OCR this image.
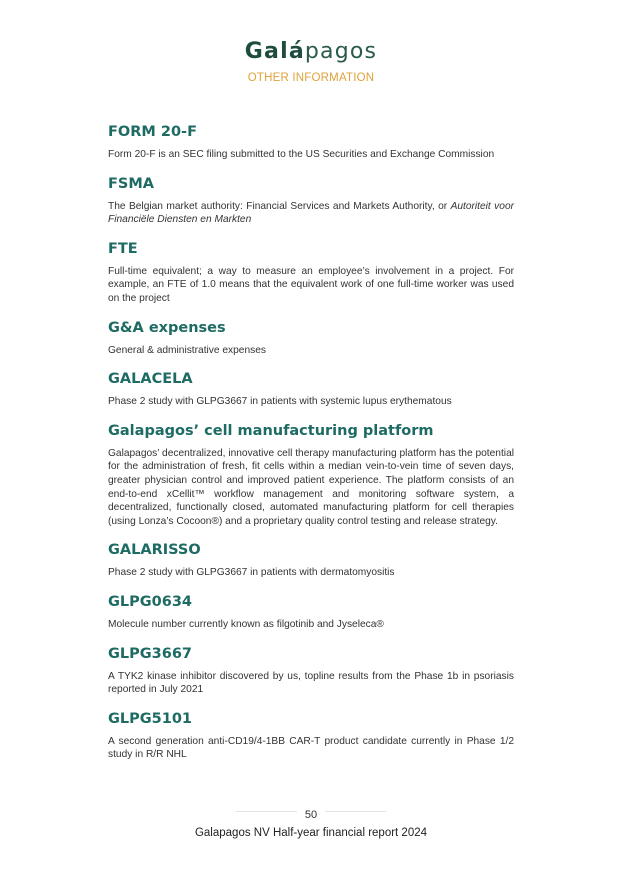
Galápagos
OTHER INFORMATION
FORM 20-F

Form 20-F is an SEC filing submitted to the US Securities and Exchange Commission

FSMA

The Belgian market authority: Financial Services and Markets Authority, or Autoriteit voor Financiële Diensten en Markten

FTE

Full-time equivalent; a way to measure an employee’s involvement in a project. For example, an FTE of 1.0 means that the equivalent work of one full-time worker was used on the project

G&A expenses

General & administrative expenses

GALACELA

Phase 2 study with GLPG3667 in patients with systemic lupus erythematous

Galapagos’ cell manufacturing platform

Galapagos’ decentralized, innovative cell therapy manufacturing platform has the potential for the administration of fresh, fit cells within a median vein-to-vein time of seven days, greater physician control and improved patient experience. The platform consists of an end-to-end xCellit™ workflow management and monitoring software system, a decentralized, functionally closed, automated manufacturing platform for cell therapies (using Lonza’s Cocoon®) and a proprietary quality control testing and release strategy.

GALARISSO

Phase 2 study with GLPG3667 in patients with dermatomyositis

GLPG0634

Molecule number currently known as filgotinib and Jyseleca®

GLPG3667

A TYK2 kinase inhibitor discovered by us, topline results from the Phase 1b in psoriasis reported in July 2021

GLPG5101

A second generation anti-CD19/4-1BB CAR-T product candidate currently in Phase 1/2 study in R/R NHL

50
Galapagos NV Half-year financial report 2024
